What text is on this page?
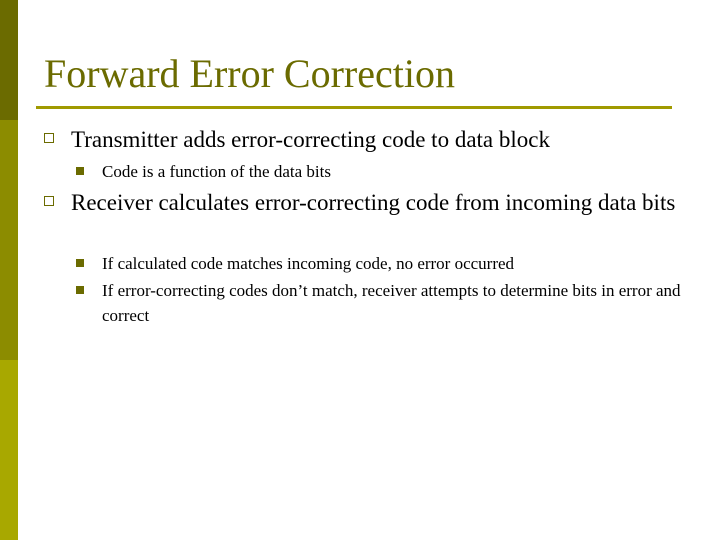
Forward Error Correction
Transmitter adds error-correcting code to data block
Code is a function of the data bits
Receiver calculates error-correcting code from incoming data bits
If calculated code matches incoming code, no error occurred
If error-correcting codes don’t match, receiver attempts to determine bits in error and correct
